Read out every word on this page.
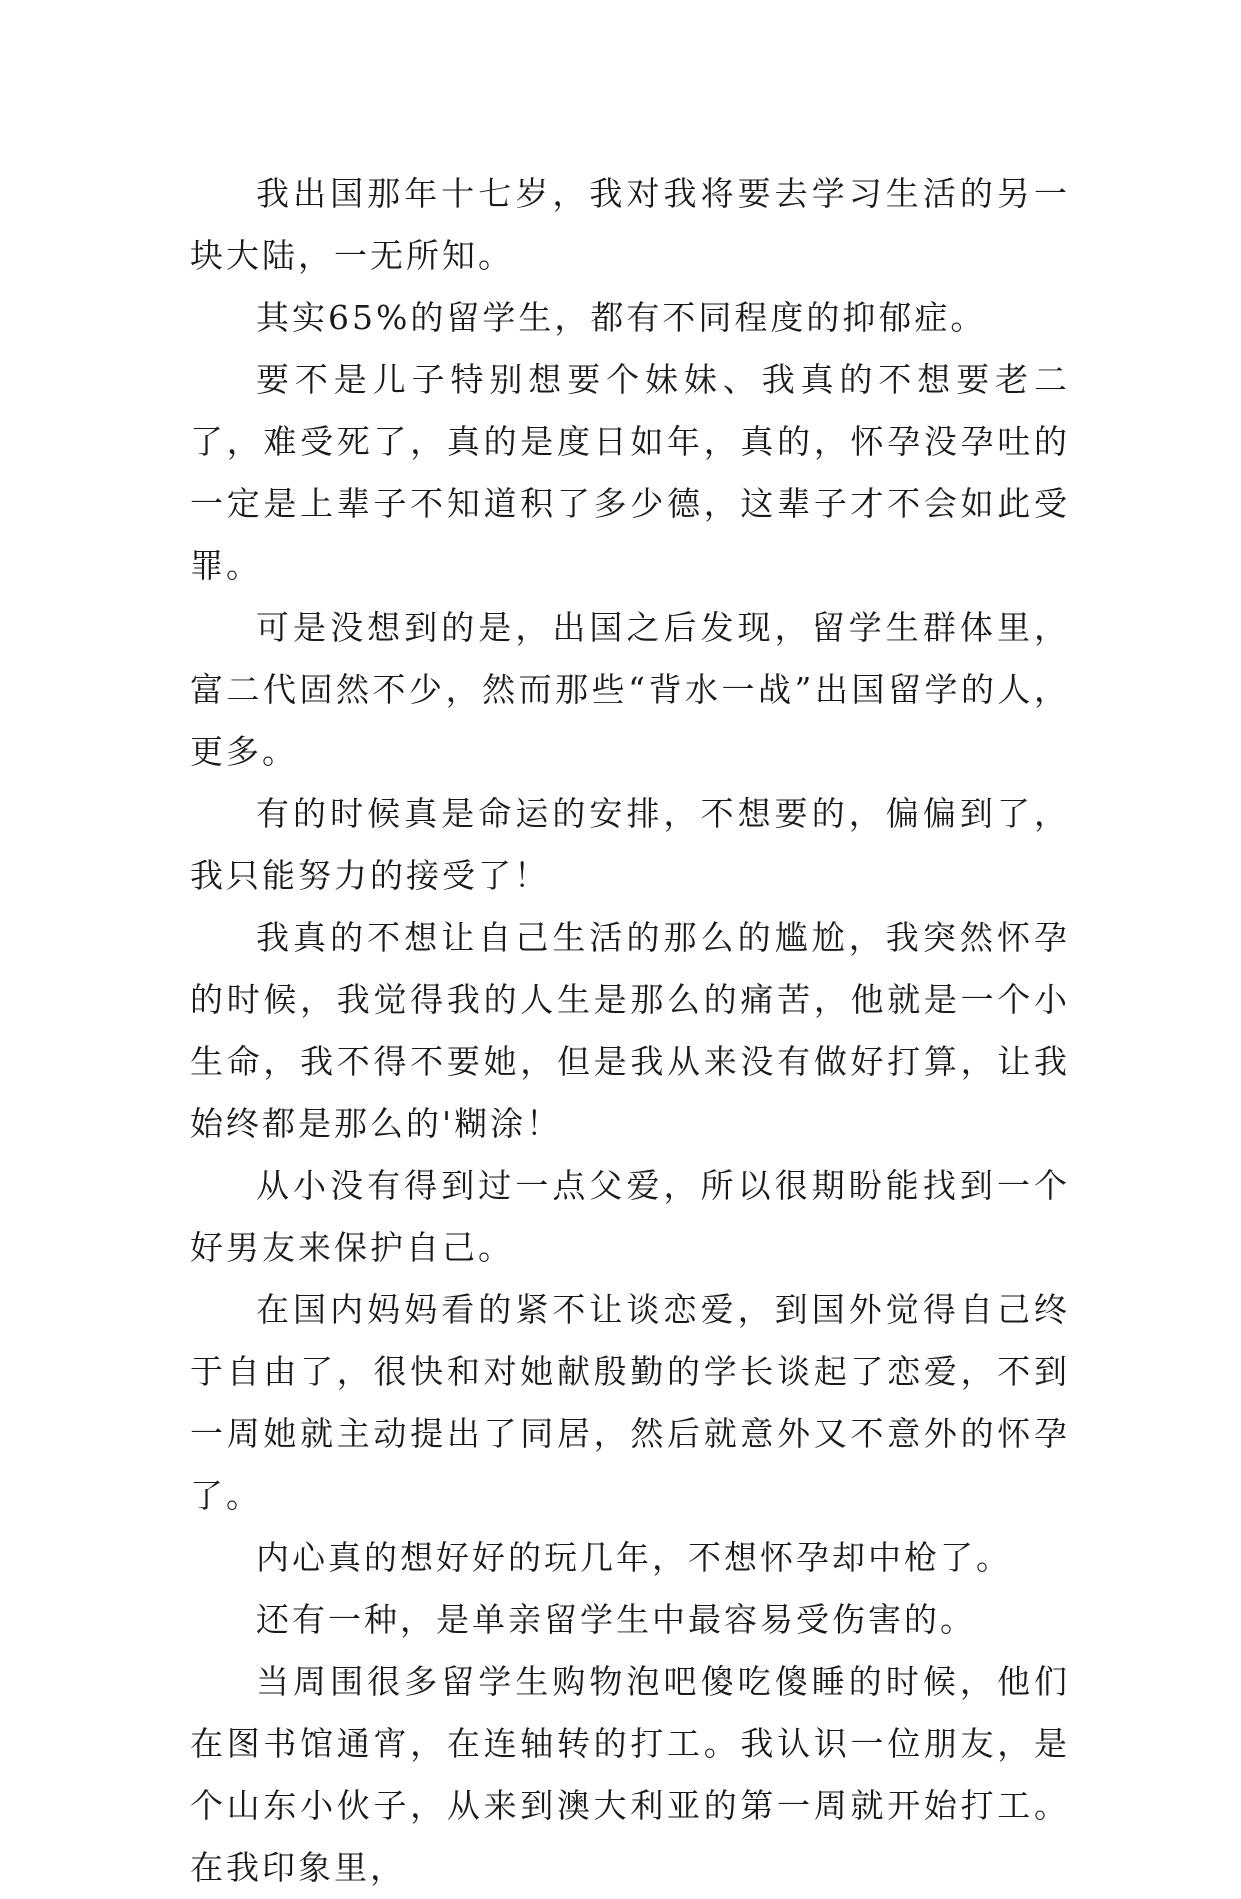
我出国那年十七岁，我对我将要去学习生活的另一块大陆，一无所知。

其实65%的留学生，都有不同程度的抑郁症。

要不是儿子特别想要个妹妹、我真的不想要老二了，难受死了，真的是度日如年，真的，怀孕没孕吐的一定是上辈子不知道积了多少德，这辈子才不会如此受罪。

可是没想到的是，出国之后发现，留学生群体里，富二代固然不少，然而那些“背水一战”出国留学的人，更多。

有的时候真是命运的安排，不想要的，偏偏到了，我只能努力的接受了！

我真的不想让自己生活的那么的尴尬，我突然怀孕的时候，我觉得我的人生是那么的痛苦，他就是一个小生命，我不得不要她，但是我从来没有做好打算，让我始终都是那么的'糊涂！

从小没有得到过一点父爱，所以很期盼能找到一个好男友来保护自己。

在国内妈妈看的紧不让谈恋爱，到国外觉得自己终于自由了，很快和对她献殷勤的学长谈起了恋爱，不到一周她就主动提出了同居，然后就意外又不意外的怀孕了。

内心真的想好好的玩几年，不想怀孕却中枪了。

还有一种，是单亲留学生中最容易受伤害的。

当周围很多留学生购物泡吧傻吃傻睡的时候，他们在图书馆通宵，在连轴转的打工。我认识一位朋友，是个山东小伙子，从来到澳大利亚的第一周就开始打工。在我印象里，
